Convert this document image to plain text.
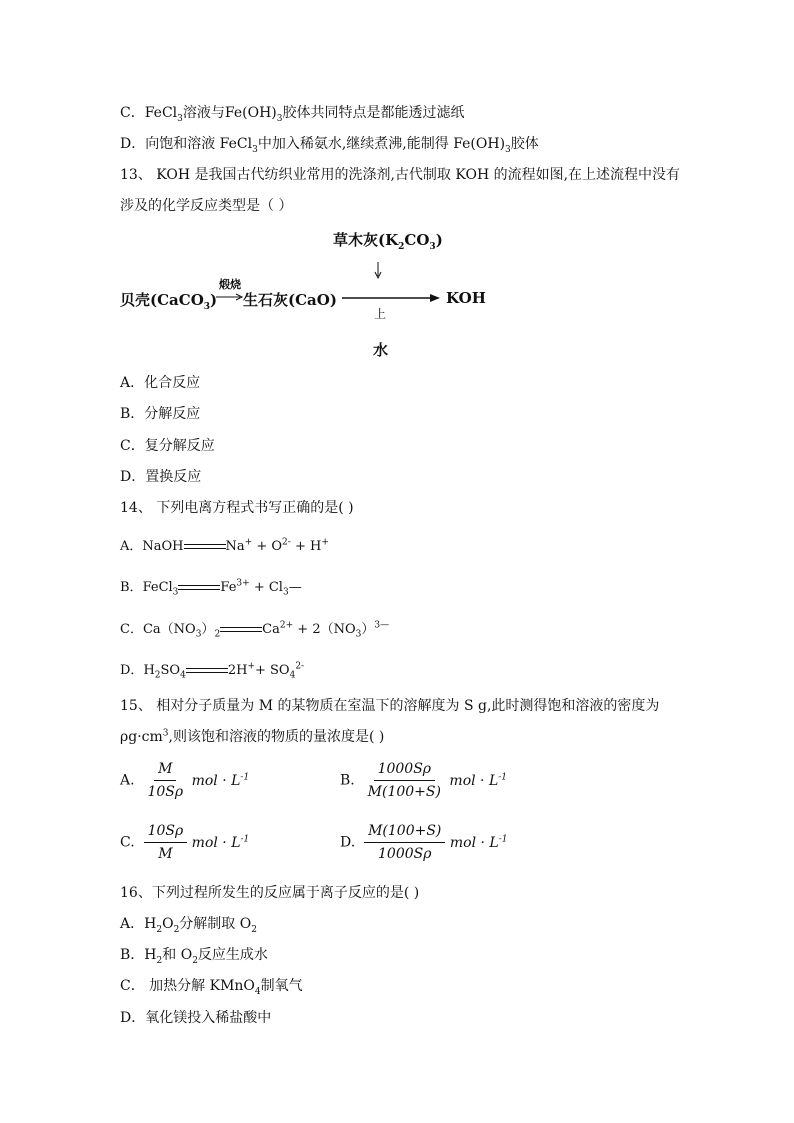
C．FeCl$_3$溶液与$Fe(OH)_3$胶体共同特点是都能透过滤纸
D．向饱和溶液 FeCl$_3$中加入稀氨水,继续煮沸,能制得 $Fe(OH)_3$胶体
13、 KOH 是我国古代纺织业常用的洗涤剂,古代制取 KOH 的流程如图,在上述流程中没有
涉及的化学反应类型是（ ）
草木灰$(K_2CO_3)$
贝壳(CaCO$_3$)
煅烧
生石灰(CaO)	KOH
上
水
A．化合反应
B．分解反应
C．复分解反应
D．置换反应
14、 下列电离方程式书写正确的是( )
A．NaOH	$Na^+ + O^{2-} + H^+$
B．FeCl$_3$	$Fe^{3+}$ + $Cl_3—$
C．$Ca(NO_3)_2$	$Ca^{2+} + 2(NO_3)^{3—}$
D．$H_2SO_4$	$2H^++ SO_4^{2-}$
15、 相对分子质量为 M 的某物质在室温下的溶解度为 S g,此时测得饱和溶液的密度为
$\rho g\cdot cm^3$,则该饱和溶液的物质的量浓度是( )
A. $\frac{M}{10S\rho}$ mol · $L^{-1}$	B. $\frac{1000S\rho}{M(100+S)}$ mol · $L^{-1}$
C. $\frac{10S\rho}{M}$ mol · $L^{-1}$	D. $\frac{M(100+S)}{1000S\rho}$ mol · $L^{-1}$
16、下列过程所发生的反应属于离子反应的是( )
A．$H_2O_2$分解制取 $O_2$
B．$H_2$和 $O_2$反应生成水
C． 加热分解 KMnO$_4$制氧气
D．氧化镁投入稀盐酸中
